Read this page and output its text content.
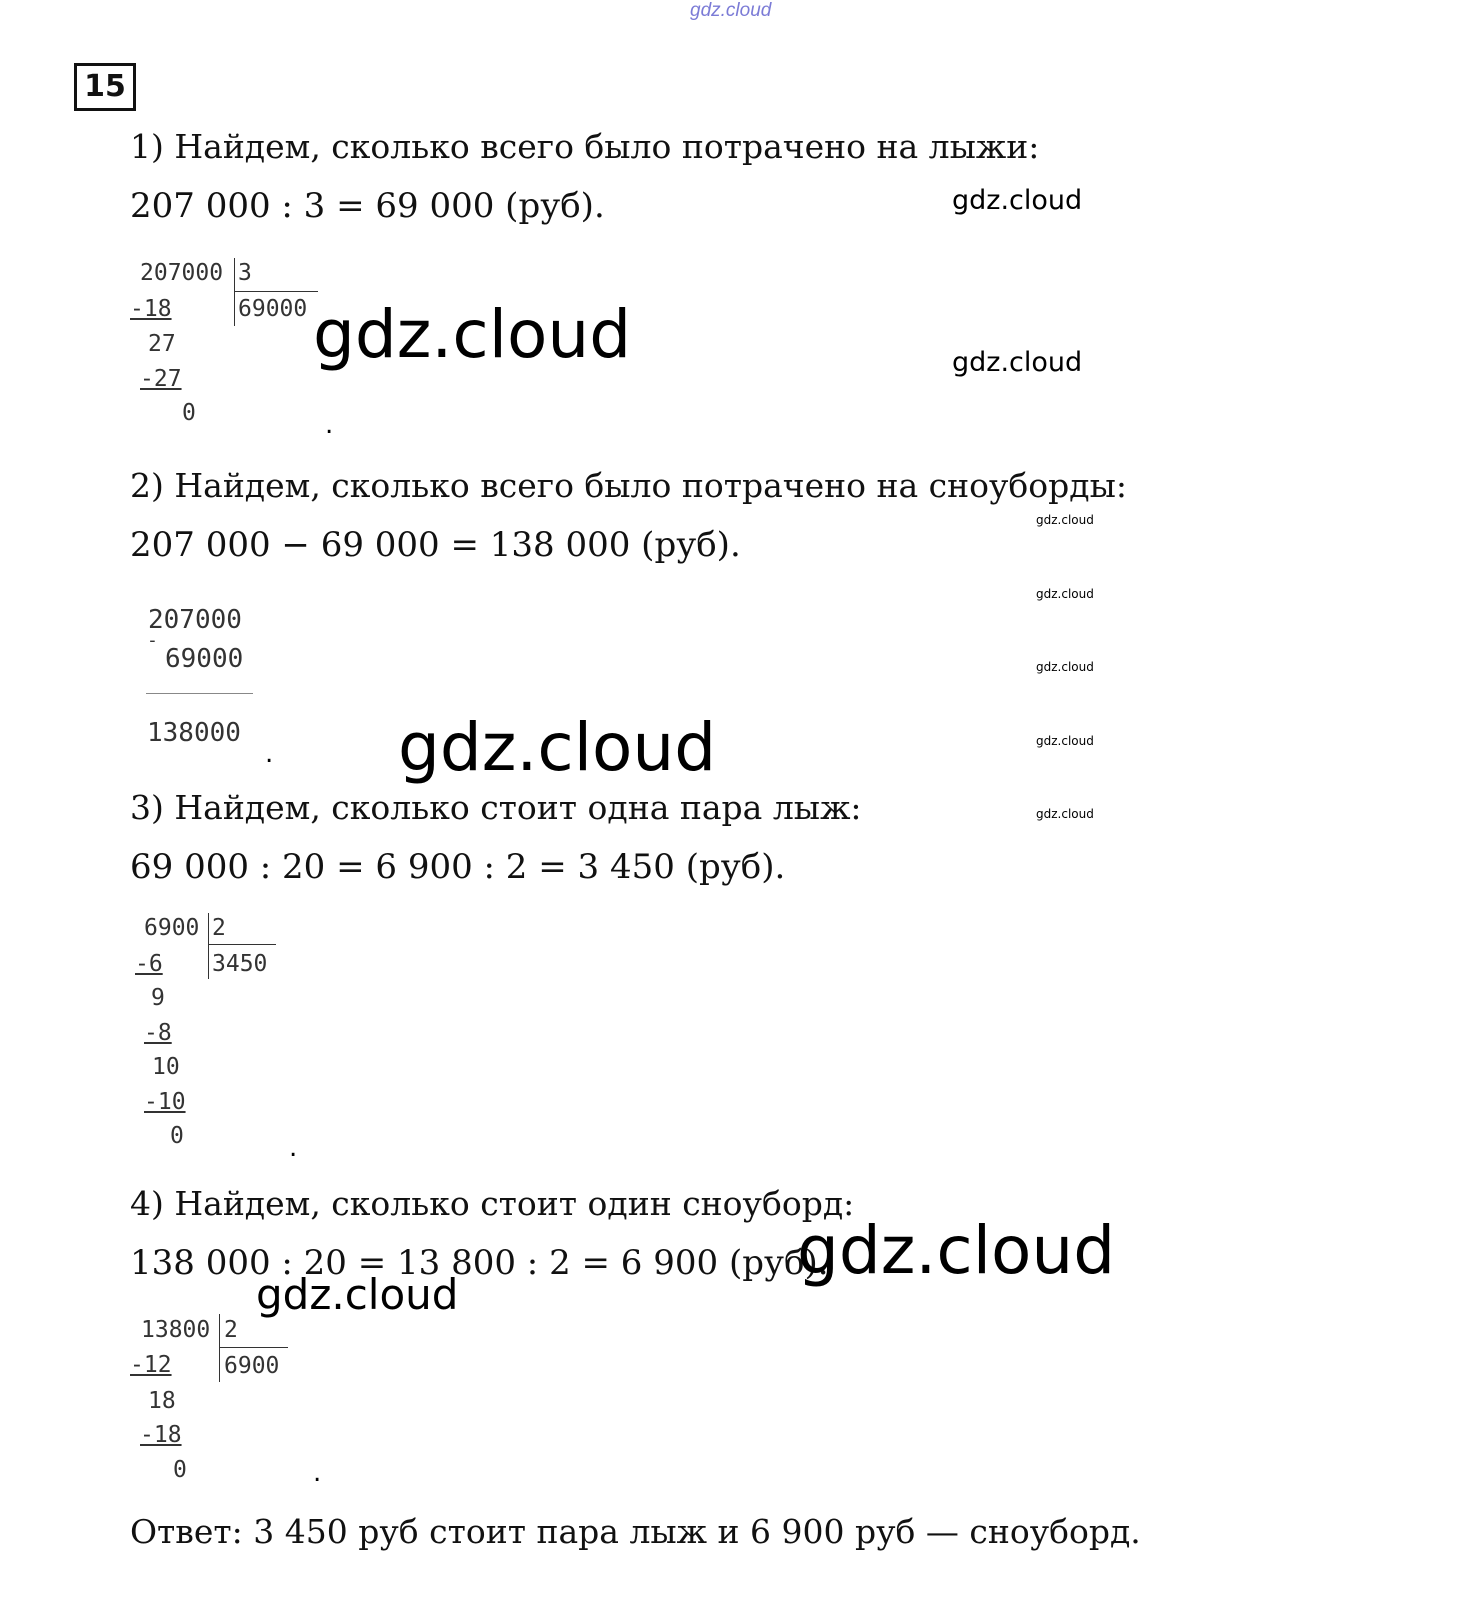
gdz.cloud
15
1) Найдем, сколько всего было потрачено на лыжи:
207 000 : 3 = 69 000 (руб).
207000 3
69000
-18
27
-27
0	.
gdz.cloud
gdz.cloud
gdz.cloud
2) Найдем, сколько всего было потрачено на сноуборды:
207 000 − 69 000 = 138 000 (руб).
207000
-
69000
138000
. gdz.cloud
gdz.cloud
gdz.cloud
gdz.cloud
gdz.cloud
gdz.cloud
3) Найдем, сколько стоит одна пара лыж:
69 000 : 20 = 6 900 : 2 = 3 450 (руб).
6900 2
3450
-6
9
-8
10
-10
0	.
4) Найдем, сколько стоит один сноуборд:
138 000 : 20 = 13 800 : 2 = 6 900 (руб).
gdz.cloud
gdz.cloud
13800 2
6900
-12
18
-18
0	.
Ответ: 3 450 руб стоит пара лыж и 6 900 руб — сноуборд.
